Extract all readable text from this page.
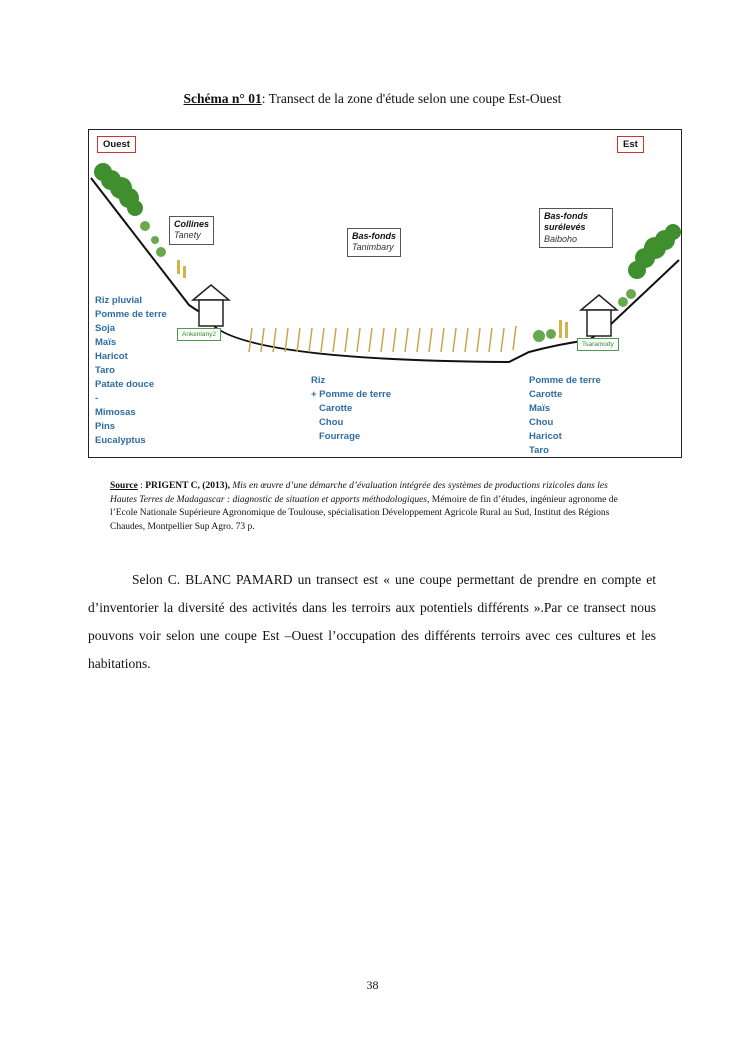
Schéma n° 01: Transect de la zone d'étude selon une coupe Est-Ouest
Ouest	Est
Collines
Tanety	Bas-fonds
Tanimbary
Bas-fonds surélevés
Baiboho
Ankenlany2
Tsaramody
Riz pluvial
Pomme de terre
Soja
Maïs
Haricot
Taro
Patate douce
-
Mimosas
Pins
Eucalyptus
Riz
+ Pomme de terre
Carotte
Chou
Fourrage
Pomme de terre
Carotte
Maïs
Chou
Haricot
Taro
Source : PRIGENT C, (2013), Mis en œuvre d’une démarche d’évaluation intégrée des systèmes de productions rizicoles dans les Hautes Terres de Madagascar : diagnostic de situation et apports méthodologiques, Mémoire de fin d’études, ingénieur agronome de l’Ecole Nationale Supérieure Agronomique de Toulouse, spécialisation Développement Agricole Rural au Sud, Institut des Régions Chaudes, Montpellier Sup Agro. 73 p.

Selon C. BLANC PAMARD un transect est « une coupe permettant de prendre en compte et d’inventorier la diversité des activités dans les terroirs aux potentiels différents ».Par ce transect nous pouvons voir selon une coupe Est –Ouest l’occupation des différents terroirs avec ces cultures et les habitations.

38
